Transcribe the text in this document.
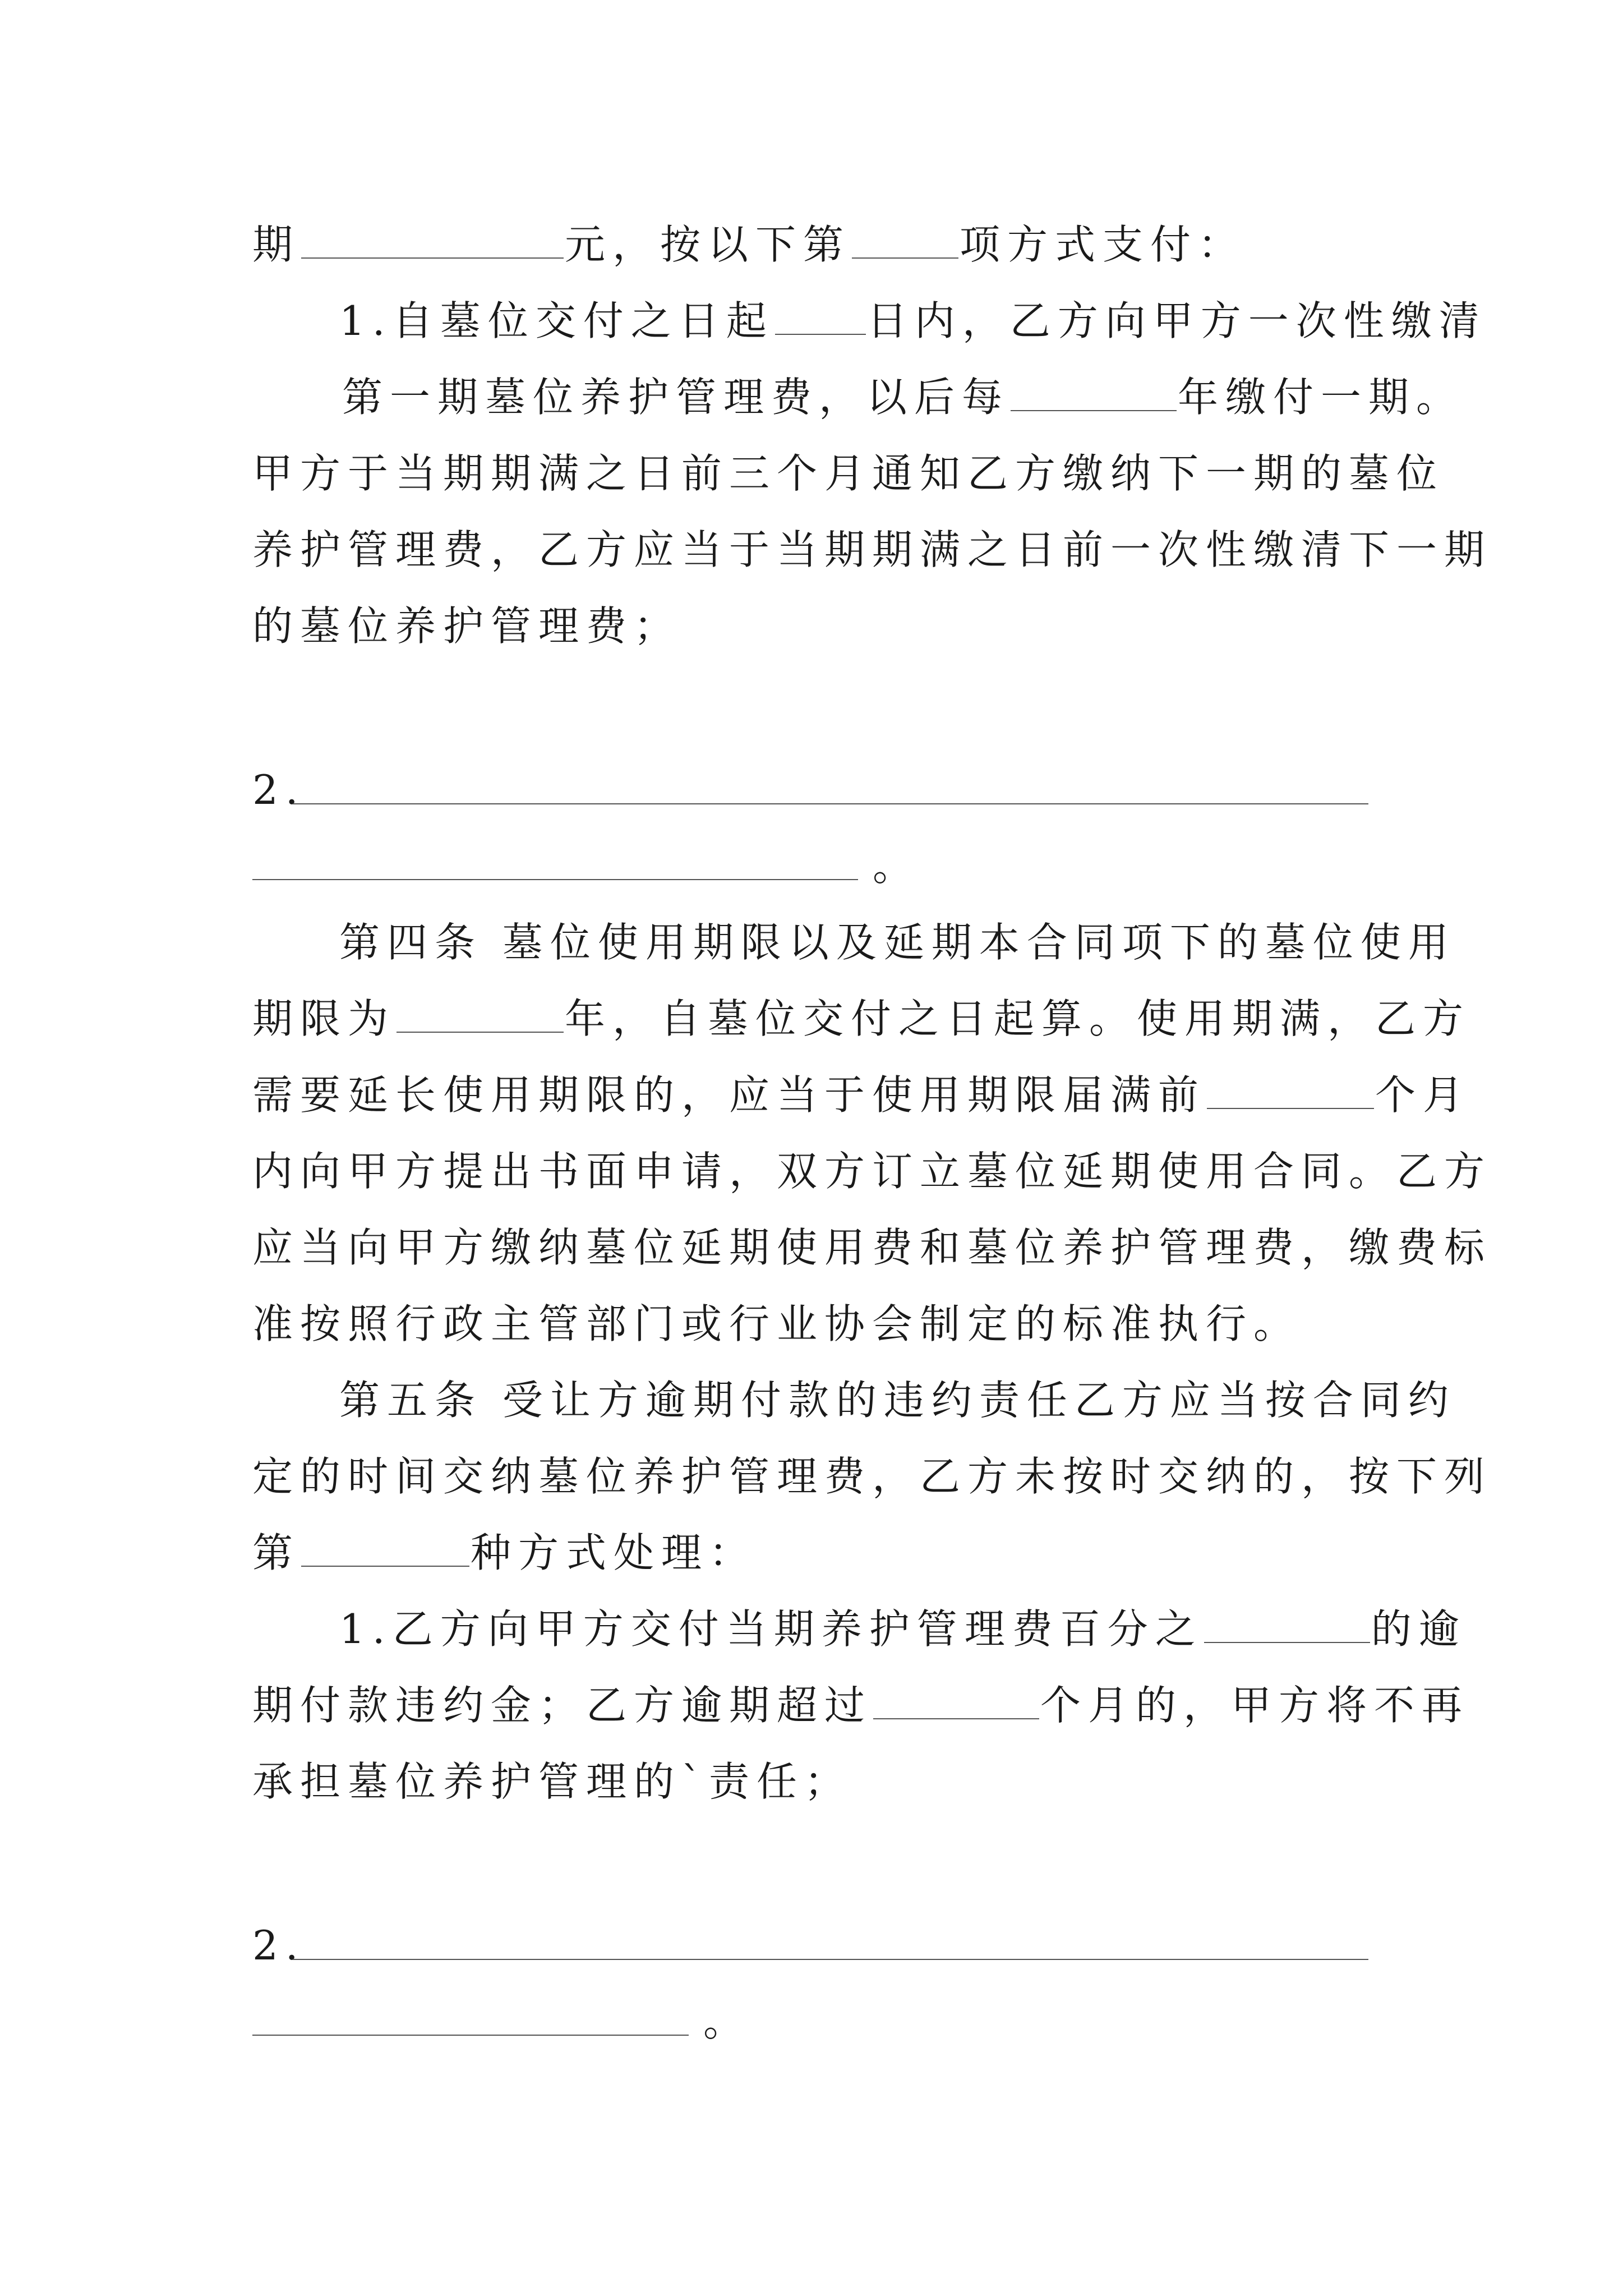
期	元，按以下第	项方式支付：
1.自墓位交付之日起 日内，乙方向甲方一次性缴清
第一期墓位养护管理费，以后每	年缴付一期。
甲方于当期期满之日前三个月通知乙方缴纳下一期的墓位
养护管理费，乙方应当于当期期满之日前一次性缴清下一期
的墓位养护管理费；
2.
。
第四条 墓位使用期限以及延期本合同项下的墓位使用
期限为	年，自墓位交付之日起算。使用期满，乙方
需要延长使用期限的，应当于使用期限届满前	个月
内向甲方提出书面申请，双方订立墓位延期使用合同。乙方
应当向甲方缴纳墓位延期使用费和墓位养护管理费，缴费标
准按照行政主管部门或行业协会制定的标准执行。
第五条 受让方逾期付款的违约责任乙方应当按合同约
定的时间交纳墓位养护管理费，乙方未按时交纳的，按下列
第	种方式处理：
1.乙方向甲方交付当期养护管理费百分之	的逾
期付款违约金；乙方逾期超过	个月的，甲方将不再
承担墓位养护管理的`责任；
2.
。
